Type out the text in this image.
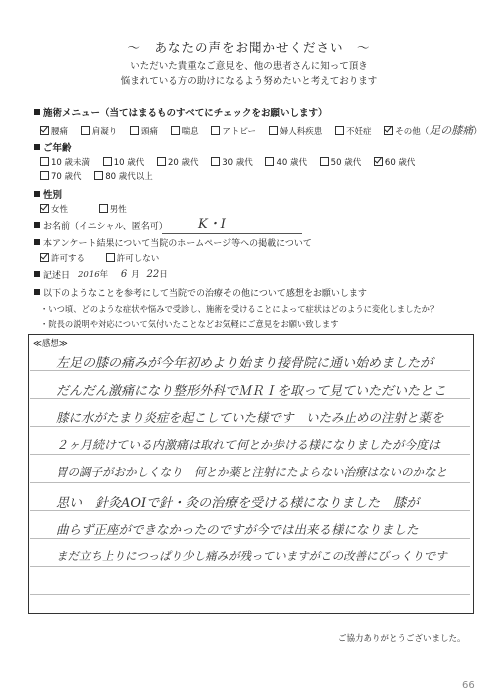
〜　あなたの声をお聞かせください　〜
いただいた貴重なご意見を、他の患者さんに知って頂き
悩まれている方の助けになるよう努めたいと考えております
施術メニュー（当てはまるものすべてにチェックをお願いします）
腰痛	肩凝り	頭痛	喘息	アトピー	婦人科疾患	不妊症	その他（足の膝痛）
ご年齢
10 歳未満	10 歳代	20 歳代	30 歳代	40 歳代	50 歳代	60 歳代
70 歳代	80 歳代以上
性別
女性	男性
お名前（イニシャル、匿名可） K・I
本アンケート結果について当院のホームページ等への掲載について
許可する	許可しない
記述日 2016年 6 月 22日
以下のようなことを参考にして当院での治療その他について感想をお願いします
・いつ頃、どのような症状や悩みで受診し、施術を受けることによって症状はどのように変化しましたか？
・院長の説明や対応について気付いたことなどお気軽にご意見をお願い致します
≪感想≫
左足の膝の痛みが今年初めより始まり接骨院に通い始めましたが
だんだん激痛になり整形外科でＭＲＩを取って見ていただいたとこ
膝に水がたまり炎症を起こしていた様です　いたみ止めの注射と薬を
２ヶ月続けている内激痛は取れて何とか歩ける様になりましたが今度は
胃の調子がおかしくなり　何とか薬と注射にたよらない治療はないのかなと
思い　針灸AOIで針・灸の治療を受ける様になりました　膝が
曲らず正座ができなかったのですが今では出来る様になりました
まだ立ち上りにつっぱり少し痛みが残っていますがこの改善にびっくりです
ご協力ありがとうございました。
66
